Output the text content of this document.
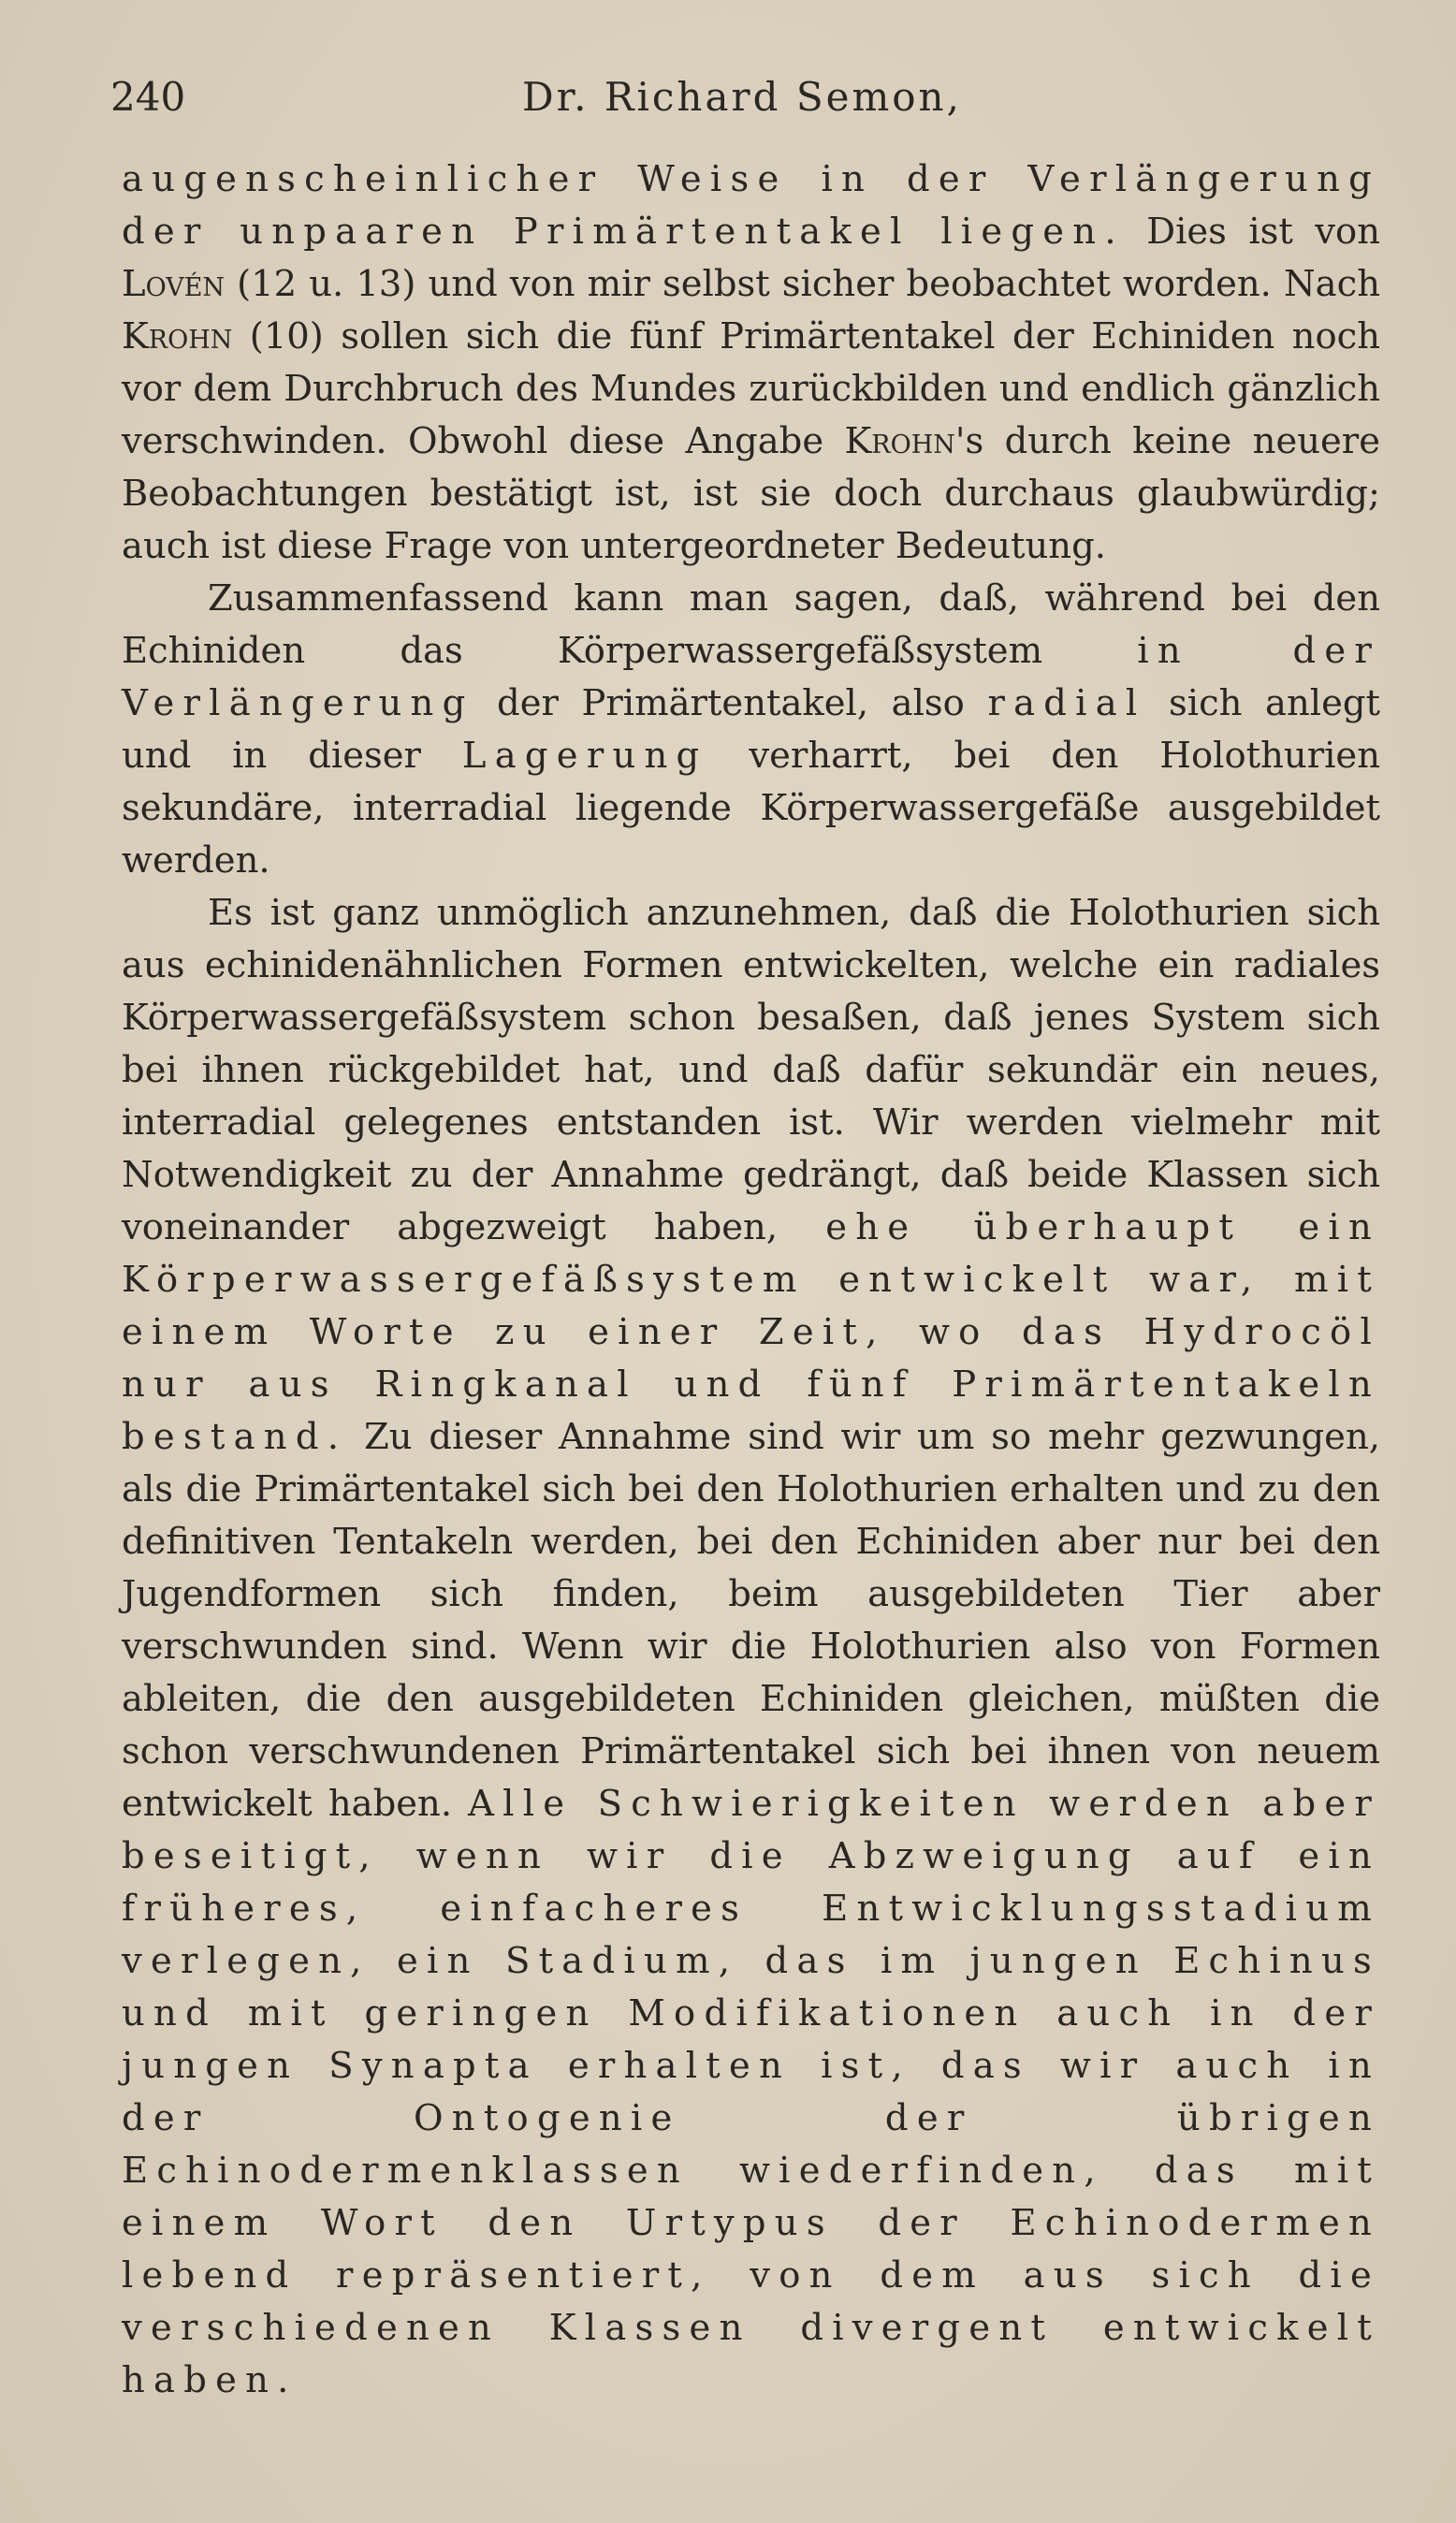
240	Dr. Richard Semon,

augenscheinlicher Weise in der Verlängerung der unpaaren Primärtentakel liegen. Dies ist von Lovén (12 u. 13) und von mir selbst sicher beobachtet worden. Nach Krohn (10) sollen sich die fünf Primärtentakel der Echiniden noch vor dem Durchbruch des Mundes zurückbilden und endlich gänzlich verschwinden. Obwohl diese Angabe Krohn's durch keine neuere Beobachtungen bestätigt ist, ist sie doch durchaus glaubwürdig; auch ist diese Frage von untergeordneter Bedeutung.

Zusammenfassend kann man sagen, daß, während bei den Echiniden das Körperwassergefäßsystem in der Verlängerung der Primärtentakel, also radial sich anlegt und in dieser Lagerung verharrt, bei den Holothurien sekundäre, interradial liegende Körperwassergefäße ausgebildet werden.

Es ist ganz unmöglich anzunehmen, daß die Holothurien sich aus echinidenähnlichen Formen entwickelten, welche ein radiales Körperwassergefäßsystem schon besaßen, daß jenes System sich bei ihnen rückgebildet hat, und daß dafür sekundär ein neues, interradial gelegenes entstanden ist. Wir werden vielmehr mit Notwendigkeit zu der Annahme gedrängt, daß beide Klassen sich voneinander abgezweigt haben, ehe überhaupt ein Körperwassergefäßsystem entwickelt war, mit einem Worte zu einer Zeit, wo das Hydrocöl nur aus Ringkanal und fünf Primärtentakeln bestand. Zu dieser Annahme sind wir um so mehr gezwungen, als die Primärtentakel sich bei den Holothurien erhalten und zu den definitiven Tentakeln werden, bei den Echiniden aber nur bei den Jugendformen sich finden, beim ausgebildeten Tier aber verschwunden sind. Wenn wir die Holothurien also von Formen ableiten, die den ausgebildeten Echiniden gleichen, müßten die schon verschwundenen Primärtentakel sich bei ihnen von neuem entwickelt haben. Alle Schwierigkeiten werden aber beseitigt, wenn wir die Abzweigung auf ein früheres, einfacheres Entwicklungsstadium verlegen, ein Stadium, das im jungen Echinus und mit geringen Modifikationen auch in der jungen Synapta erhalten ist, das wir auch in der Ontogenie der übrigen Echinodermenklassen wiederfinden, das mit einem Wort den Urtypus der Echinodermen lebend repräsentiert, von dem aus sich die verschiedenen Klassen divergent entwickelt haben.
